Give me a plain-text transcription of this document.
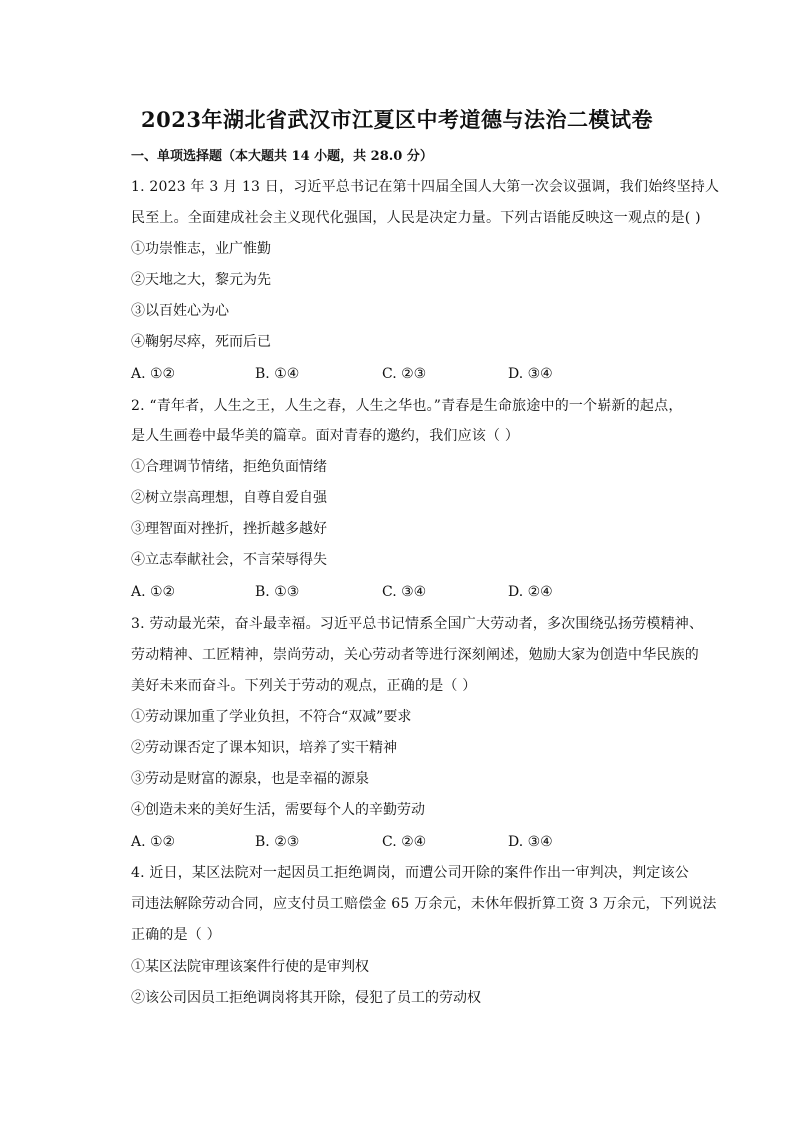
2023年湖北省武汉市江夏区中考道德与法治二模试卷
一、单项选择题（本大题共 14 小题，共 28.0 分）
1. 2023 年 3 月 13 日，习近平总书记在第十四届全国人大第一次会议强调，我们始终坚持人
民至上。全面建成社会主义现代化强国，人民是决定力量。下列古语能反映这一观点的是( )
①功崇惟志，业广惟勤
②天地之大，黎元为先
③以百姓心为心
④鞠躬尽瘁，死而后已
A. ①②	B. ①④	C. ②③	D. ③④
2. “青年者，人生之王，人生之春，人生之华也。”青春是生命旅途中的一个崭新的起点，
是人生画卷中最华美的篇章。面对青春的邀约，我们应该（ ）
①合理调节情绪，拒绝负面情绪
②树立崇高理想，自尊自爱自强
③理智面对挫折，挫折越多越好
④立志奉献社会，不言荣辱得失
A. ①②	B. ①③	C. ③④	D. ②④
3. 劳动最光荣，奋斗最幸福。习近平总书记情系全国广大劳动者，多次围绕弘扬劳模精神、
劳动精神、工匠精神，崇尚劳动，关心劳动者等进行深刻阐述，勉励大家为创造中华民族的
美好未来而奋斗。下列关于劳动的观点，正确的是（ ）
①劳动课加重了学业负担，不符合“双减”要求
②劳动课否定了课本知识，培养了实干精神
③劳动是财富的源泉，也是幸福的源泉
④创造未来的美好生活，需要每个人的辛勤劳动
A. ①②	B. ②③	C. ②④	D. ③④
4. 近日，某区法院对一起因员工拒绝调岗，而遭公司开除的案件作出一审判决，判定该公
司违法解除劳动合同，应支付员工赔偿金 65 万余元，未休年假折算工资 3 万余元，下列说法
正确的是（ ）
①某区法院审理该案件行使的是审判权
②该公司因员工拒绝调岗将其开除，侵犯了员工的劳动权
